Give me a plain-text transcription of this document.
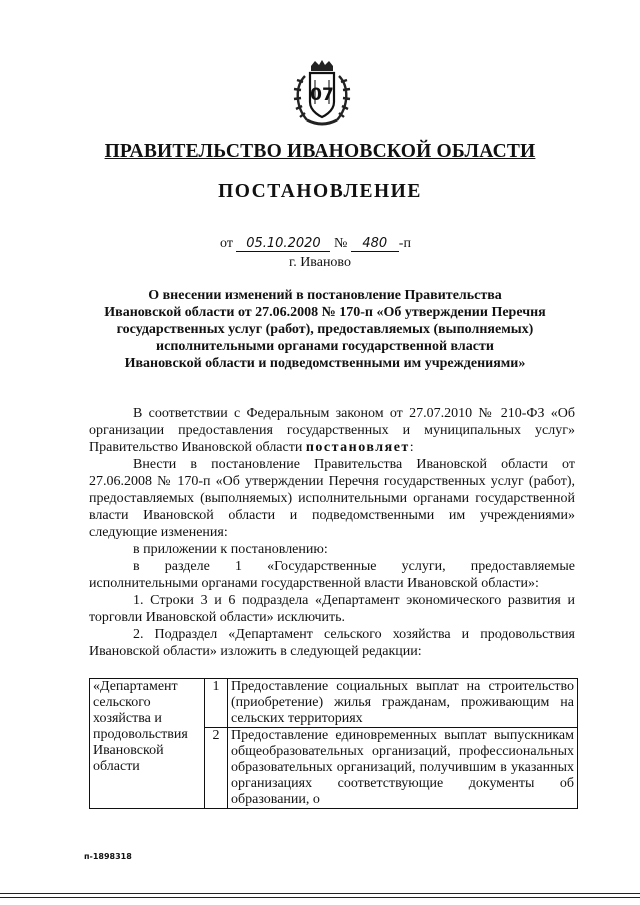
07
ПРАВИТЕЛЬСТВО ИВАНОВСКОЙ ОБЛАСТИ
ПОСТАНОВЛЕНИЕ
от 05.10.2020 № 480 -п
г. Иваново
О внесении изменений в постановление Правительства
Ивановской области от 27.06.2008 № 170-п «Об утверждении Перечня
государственных услуг (работ), предоставляемых (выполняемых)
исполнительными органами государственной власти
Ивановской области и подведомственными им учреждениями»

В соответствии с Федеральным законом от 27.07.2010 № 210-ФЗ «Об организации предоставления государственных и муниципальных услуг» Правительство Ивановской области постановляет:

Внести в постановление Правительства Ивановской области от 27.06.2008 № 170-п «Об утверждении Перечня государственных услуг (работ), предоставляемых (выполняемых) исполнительными органами государственной власти Ивановской области и подведомственными им учреждениями» следующие изменения:

в приложении к постановлению:

в разделе 1 «Государственные услуги, предоставляемые исполнительными органами государственной власти Ивановской области»:

1. Строки 3 и 6 подраздела «Департамент экономического развития и торговли Ивановской области» исключить.

2. Подраздел «Департамент сельского хозяйства и продовольствия Ивановской области» изложить в следующей редакции:

«Департамент сельского хозяйства и продовольствия Ивановской области	1	Предоставление социальных выплат на строительство (приобретение) жилья гражданам, проживающим на сельских территориях
	2	Предоставление единовременных выплат выпускникам общеобразовательных организаций, профессиональных образовательных организаций, получившим в указанных организациях соответствующие документы об образовании, о
п-1898318
